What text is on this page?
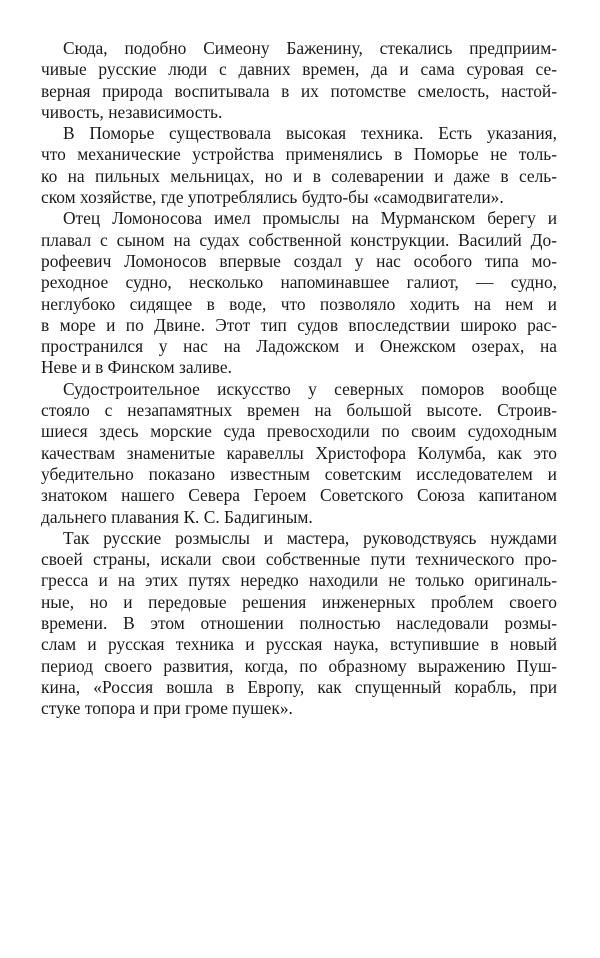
Сюда, подобно Симеону Баженину, стекались предприим-
чивые русские люди с давних времен, да и сама суровая се-
верная природа воспитывала в их потомстве смелость, настой-
чивость, независимость.
В Поморье существовала высокая техника. Есть указания,
что механические устройства применялись в Поморье не толь-
ко на пильных мельницах, но и в солеварении и даже в сель-
ском хозяйстве, где употреблялись будто-бы «самодвигатели».
Отец Ломоносова имел промыслы на Мурманском берегу и
плавал с сыном на судах собственной конструкции. Василий До-
рофеевич Ломоносов впервые создал у нас особого типа мо-
реходное судно, несколько напоминавшее галиот, — судно,
неглубоко сидящее в воде, что позволяло ходить на нем и
в море и по Двине. Этот тип судов впоследствии широко рас-
пространился у нас на Ладожском и Онежском озерах, на
Неве и в Финском заливе.
Судостроительное искусство у северных поморов вообще
стояло с незапамятных времен на большой высоте. Строив-
шиеся здесь морские суда превосходили по своим судоходным
качествам знаменитые каравеллы Христофора Колумба, как это
убедительно показано известным советским исследователем и
знатоком нашего Севера Героем Советского Союза капитаном
дальнего плавания К. С. Бадигиным.
Так русские розмыслы и мастера, руководствуясь нуждами
своей страны, искали свои собственные пути технического про-
гресса и на этих путях нередко находили не только оригиналь-
ные, но и передовые решения инженерных проблем своего
времени. В этом отношении полностью наследовали розмы-
слам и русская техника и русская наука, вступившие в новый
период своего развития, когда, по образному выражению Пуш-
кина, «Россия вошла в Европу, как спущенный корабль, при
стуке топора и при громе пушек».
